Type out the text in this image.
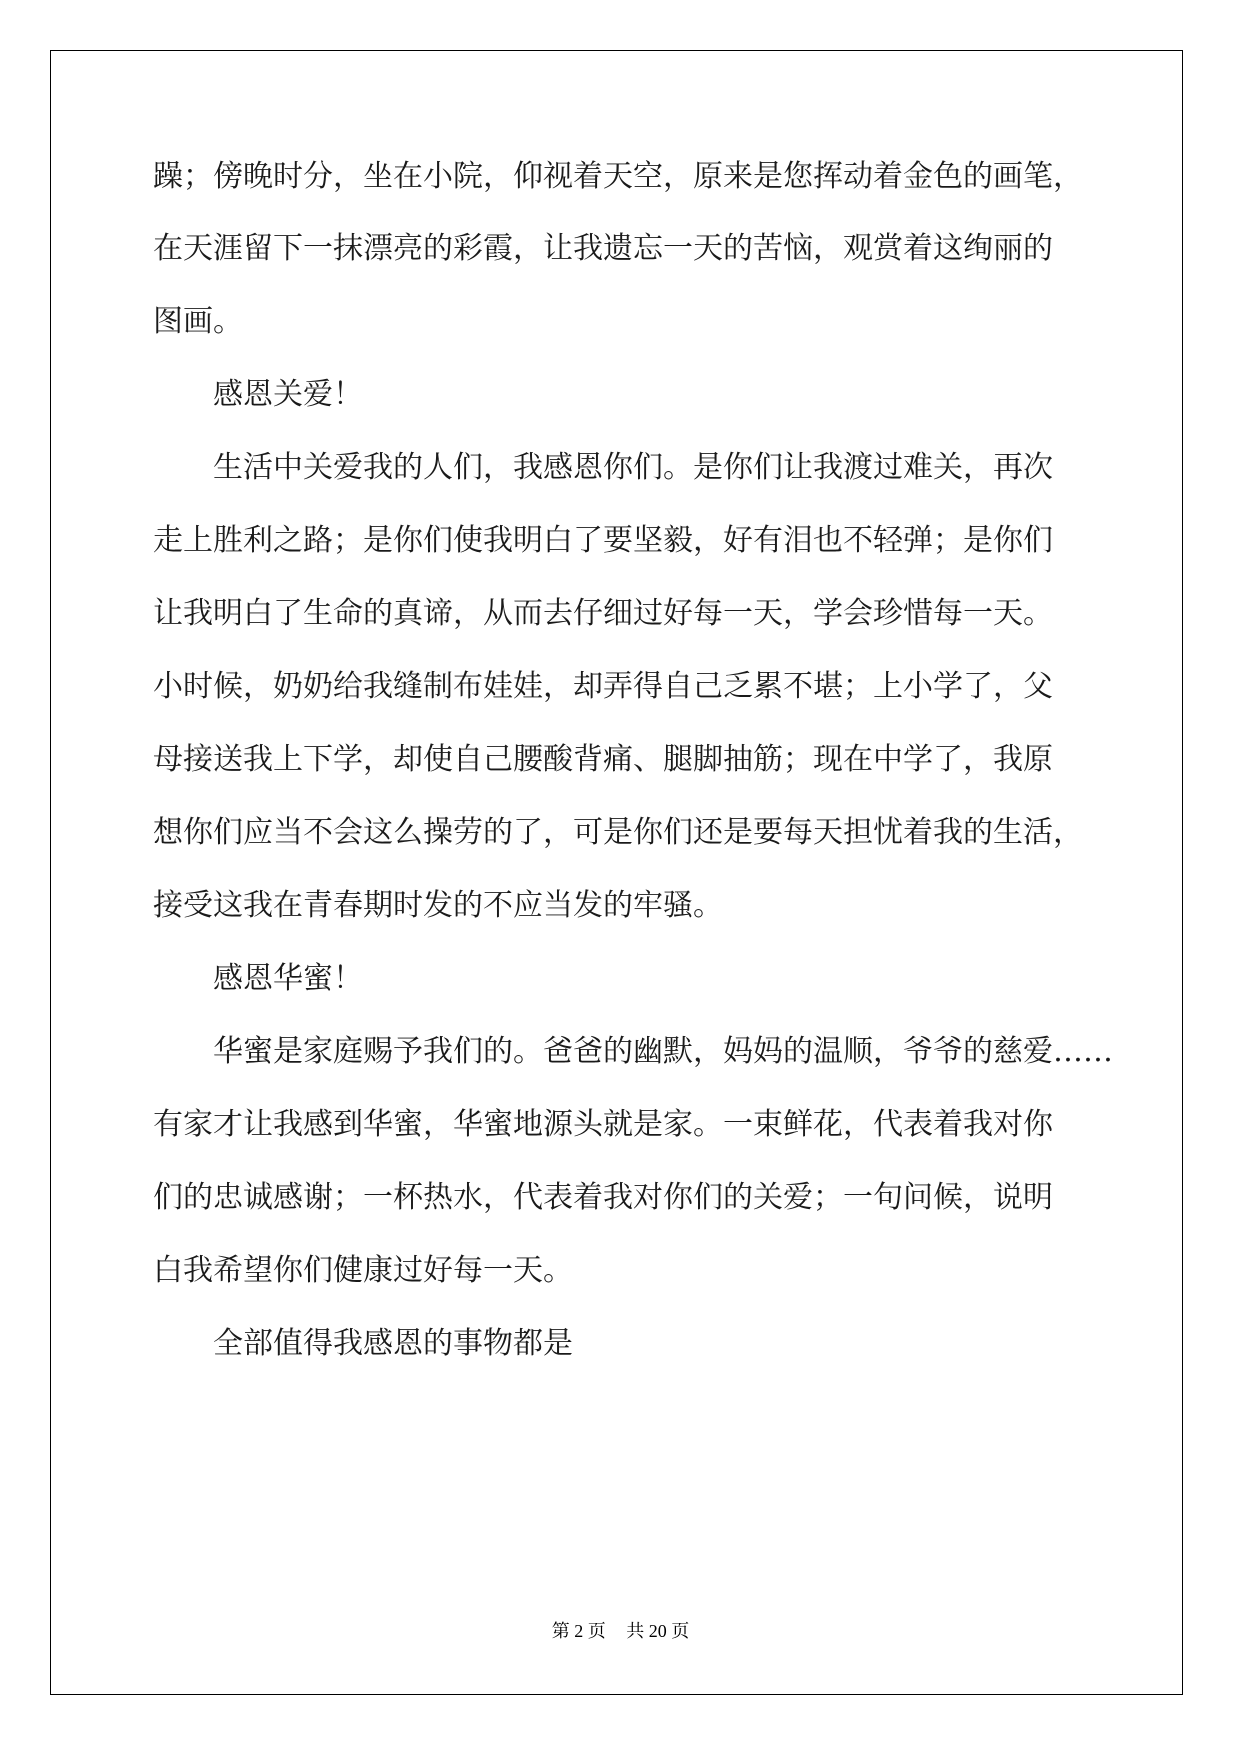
躁；傍晚时分，坐在小院，仰视着天空，原来是您挥动着金色的画笔，
在天涯留下一抹漂亮的彩霞，让我遗忘一天的苦恼，观赏着这绚丽的
图画。
感恩关爱！
生活中关爱我的人们，我感恩你们。是你们让我渡过难关，再次
走上胜利之路；是你们使我明白了要坚毅，好有泪也不轻弹；是你们
让我明白了生命的真谛，从而去仔细过好每一天，学会珍惜每一天。
小时候，奶奶给我缝制布娃娃，却弄得自己乏累不堪；上小学了，父
母接送我上下学，却使自己腰酸背痛、腿脚抽筋；现在中学了，我原
想你们应当不会这么操劳的了，可是你们还是要每天担忧着我的生活，
接受这我在青春期时发的不应当发的牢骚。
感恩华蜜！
华蜜是家庭赐予我们的。爸爸的幽默，妈妈的温顺，爷爷的慈爱……
有家才让我感到华蜜，华蜜地源头就是家。一束鲜花，代表着我对你
们的忠诚感谢；一杯热水，代表着我对你们的关爱；一句问候，说明
白我希望你们健康过好每一天。
全部值得我感恩的事物都是
第 2 页 共 20 页
